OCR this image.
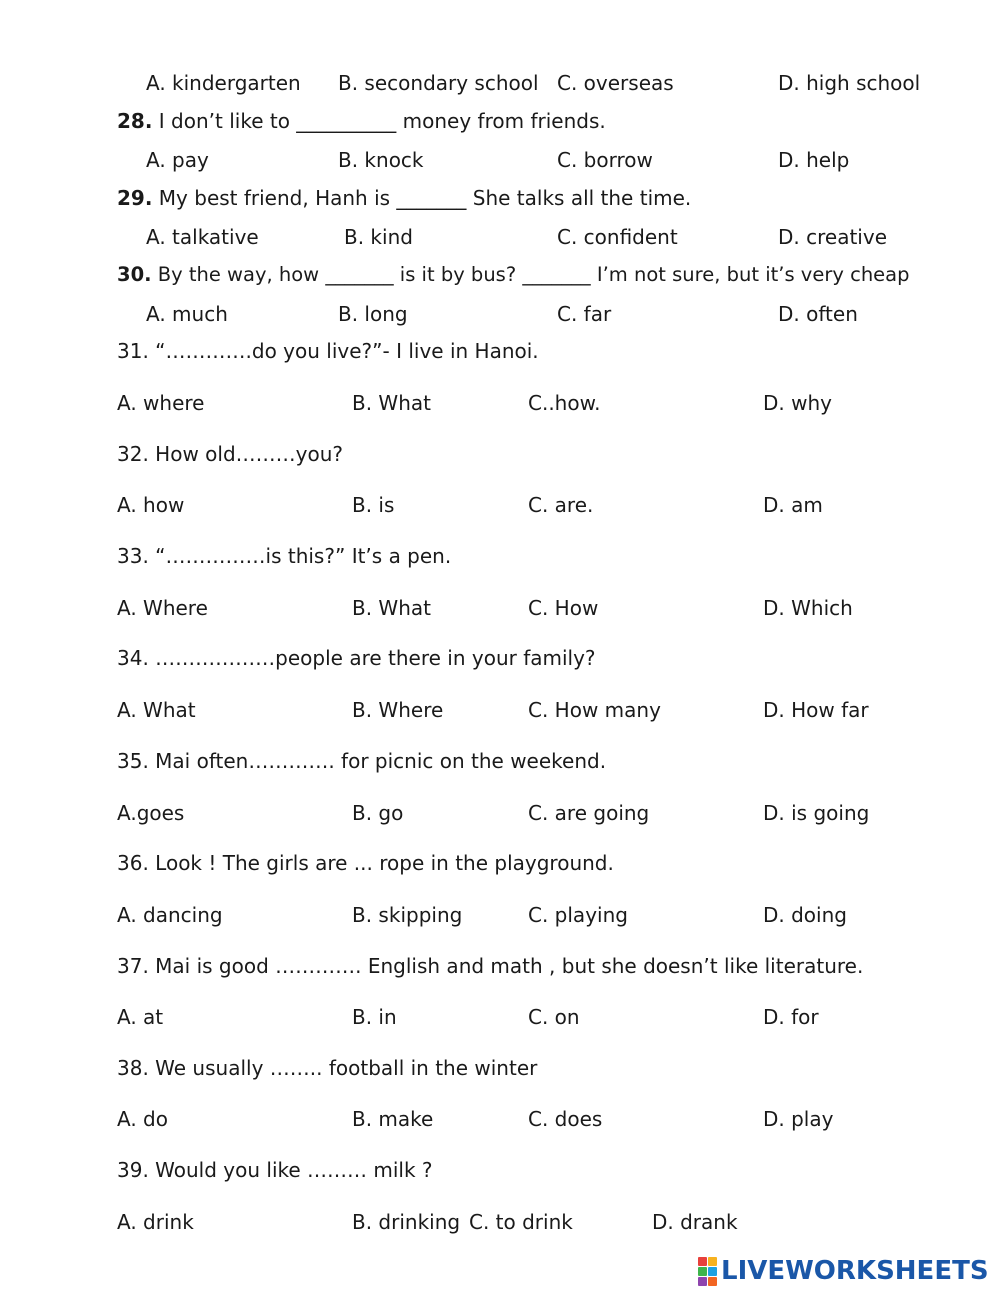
A. kindergarten B. secondary school C. overseas	D. high school
28. I don’t like to __________ money from friends.
A. pay	B. knock	C. borrow	D. help
29. My best friend, Hanh is _______ She talks all the time.
A. talkative	B. kind	C. confident	D. creative
30. By the way, how _______ is it by bus? _______ I’m not sure, but it’s very cheap
A. much	B. long	C. far	D. often
31. “………….do you live?”- I live in Hanoi.
A. where	B. What	C..how.	D. why
32. How old………you?
A. how	B. is	C. are.	D. am
33. “……………is this?” It’s a pen.
A. Where	B. What	C. How	D. Which
34. ………………people are there in your family?
A. What	B. Where	C. How many	D. How far
35. Mai often…………. for picnic on the weekend.
A.goes	B. go	C. are going	D. is going
36. Look ! The girls are ... rope in the playground.
A. dancing	B. skipping	C. playing	D. doing
37. Mai is good …………. English and math , but she doesn’t like literature.
A. at	B. in	C. on	D. for
38. We usually …….. football in the winter
A. do	B. make	C. does	D. play
39. Would you like ……… milk ?
A. drink	B. drinking C. to drink	D. drank
LIVEWORKSHEETS
